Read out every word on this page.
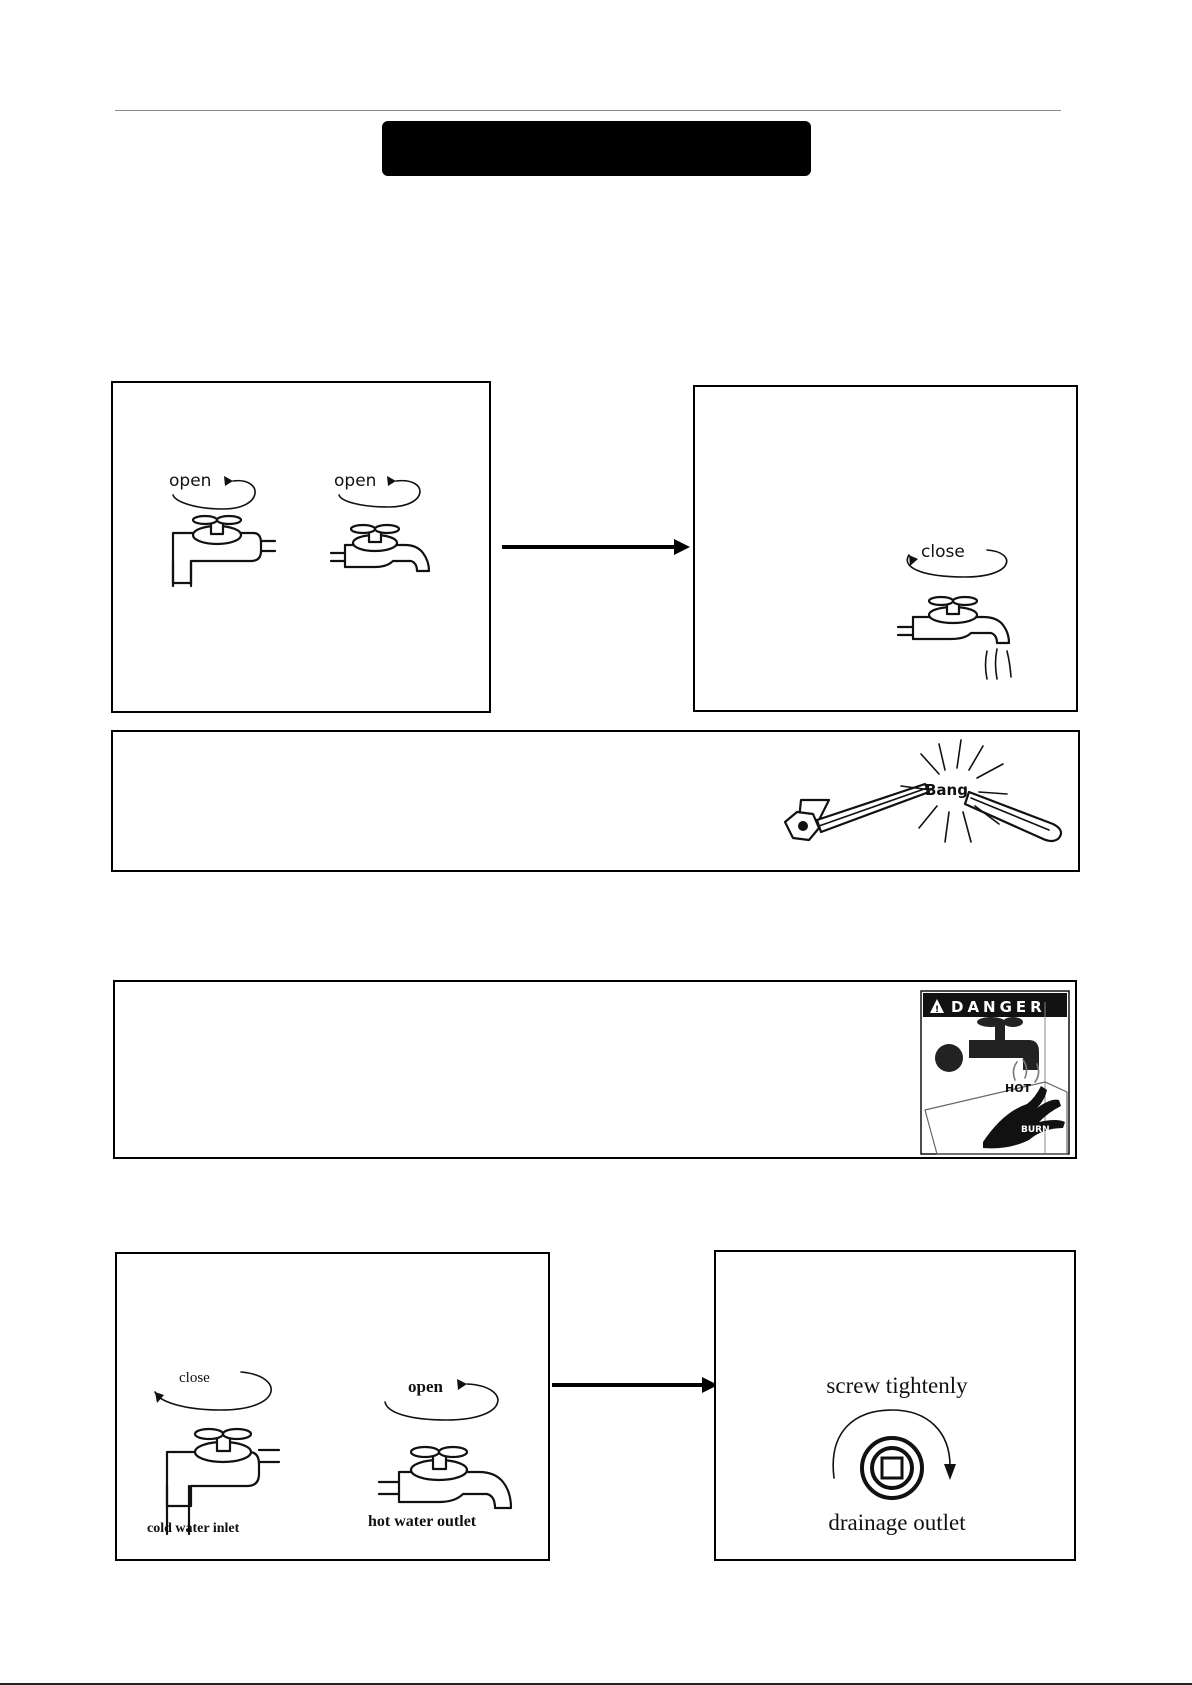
open	open
close
Bang
! DANGER
HOT
BURN
close
cold water inlet
open
hot water outlet
screw tightenly
drainage outlet
